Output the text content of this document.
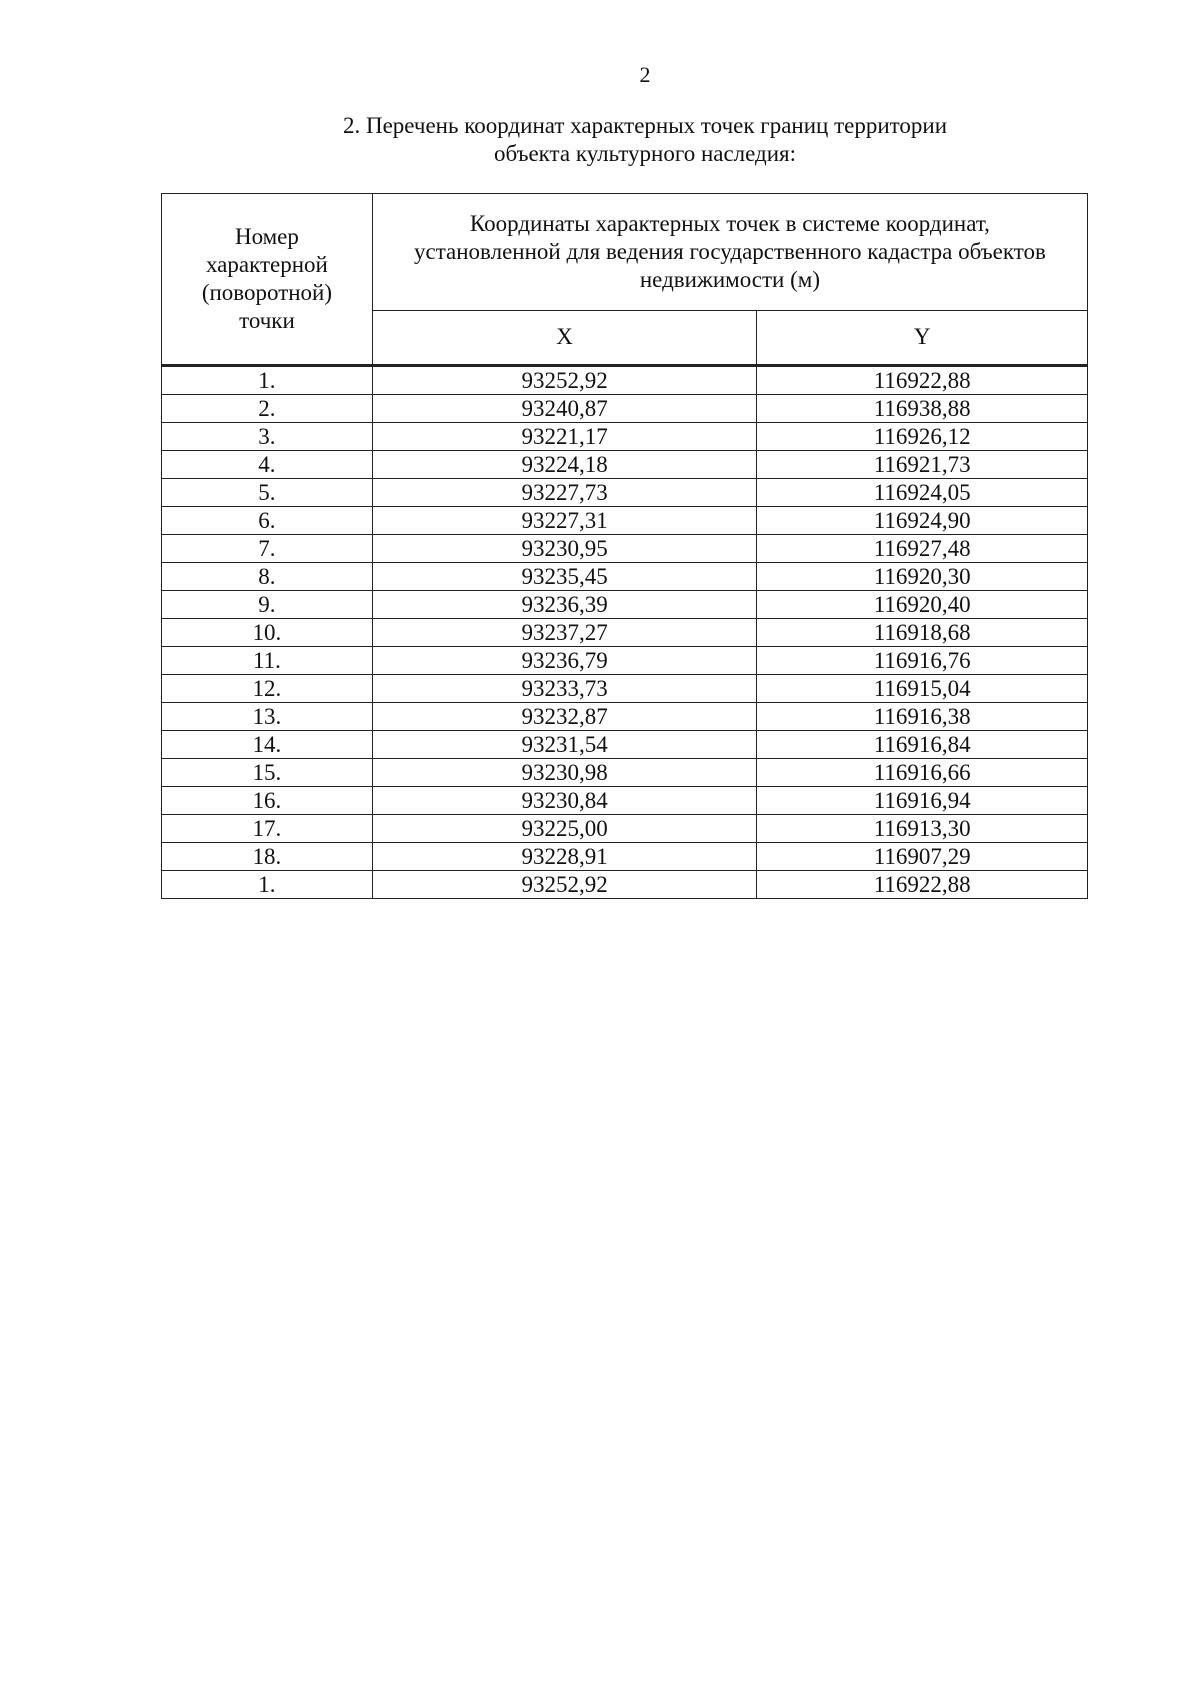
2
2. Перечень координат характерных точек границ территории
объекта культурного наследия:
Номер
характерной
(поворотной)
точки	Координаты характерных точек в системе координат,
установленной для ведения государственного кадастра объектов
недвижимости (м)	

	X	Y
1.	93252,92	116922,88
2.	93240,87	116938,88
3.	93221,17	116926,12
4.	93224,18	116921,73
5.	93227,73	116924,05
6.	93227,31	116924,90
7.	93230,95	116927,48
8.	93235,45	116920,30
9.	93236,39	116920,40
10.	93237,27	116918,68
11.	93236,79	116916,76
12.	93233,73	116915,04
13.	93232,87	116916,38
14.	93231,54	116916,84
15.	93230,98	116916,66
16.	93230,84	116916,94
17.	93225,00	116913,30
18.	93228,91	116907,29
1.	93252,92	116922,88
